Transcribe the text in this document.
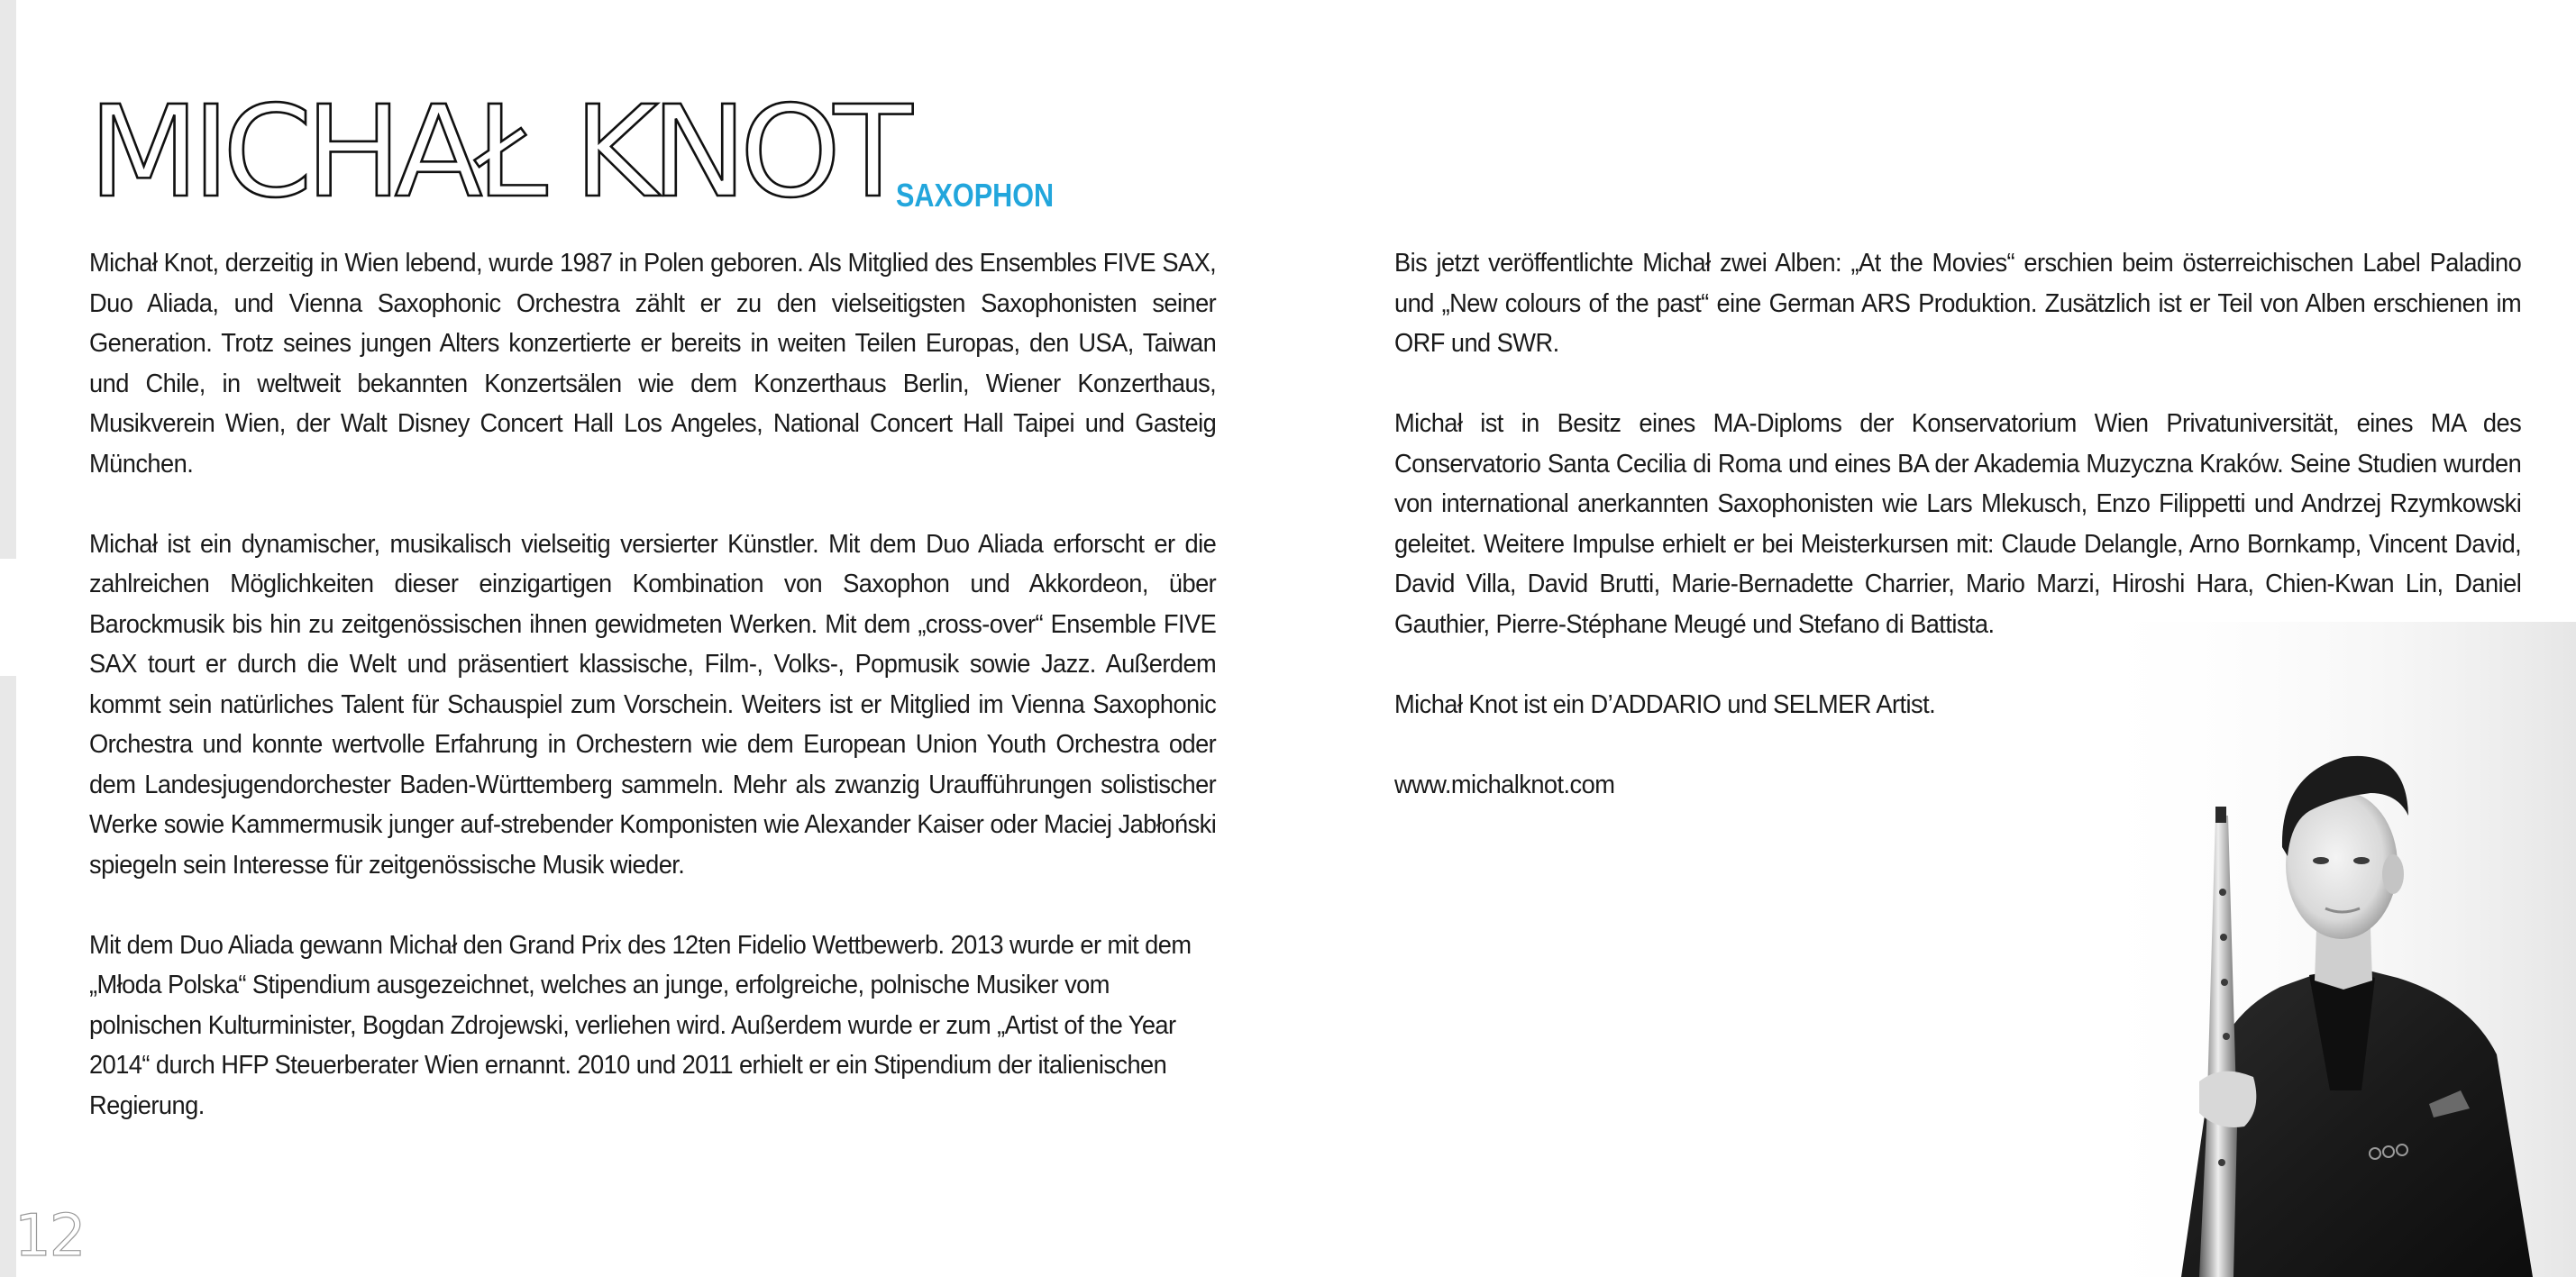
MICHAŁ KNOT
SAXOPHON

Michał Knot, derzeitig in Wien lebend, wurde 1987 in Polen geboren. Als Mitglied des Ensembles FIVE SAX, Duo Aliada, und Vienna Saxophonic Orchestra zählt er zu den vielseitigsten Saxophonisten seiner Generation. Trotz seines jungen Alters konzertierte er bereits in weiten Teilen Europas, den USA, Taiwan und Chile, in weltweit bekannten Konzertsälen wie dem Konzerthaus Berlin, Wiener Konzerthaus, Musikverein Wien, der Walt Disney Concert Hall Los Angeles, National Concert Hall Taipei und Gasteig München.

Michał ist ein dynamischer, musikalisch vielseitig versierter Künstler. Mit dem Duo Aliada erforscht er die zahlreichen Möglichkeiten dieser einzigartigen Kombination von Saxophon und Akkordeon, über Barockmusik bis hin zu zeitgenössischen ihnen gewidmeten Werken. Mit dem „cross-over“ Ensemble FIVE SAX tourt er durch die Welt und präsentiert klassische, Film-, Volks-, Popmusik sowie Jazz. Außerdem kommt sein natürliches Talent für Schauspiel zum Vorschein. Weiters ist er Mitglied im Vienna Saxophonic Orchestra und konnte wertvolle Erfahrung in Orchestern wie dem European Union Youth Orchestra oder dem Landesjugendorchester Baden-Württemberg sammeln. Mehr als zwanzig Uraufführungen solistischer Werke sowie Kammermusik junger auf-strebender Komponisten wie Alexander Kaiser oder Maciej Jabłoński spiegeln sein Interesse für zeitgenössische Musik wieder.

Mit dem Duo Aliada gewann Michał den Grand Prix des 12ten Fidelio Wettbewerb. 2013 wurde er mit dem „Młoda Polska“ Stipendium ausgezeichnet, welches an junge, erfolgreiche, polnische Musiker vom polnischen Kulturminister, Bogdan Zdrojewski, verliehen wird. Außerdem wurde er zum „Artist of the Year 2014“ durch HFP Steuerberater Wien ernannt. 2010 und 2011 erhielt er ein Stipendium der italienischen Regierung.

Bis jetzt veröffentlichte Michał zwei Alben: „At the Movies“ erschien beim österreichischen Label Paladino und „New colours of the past“ eine German ARS Produktion. Zusätzlich ist er Teil von Alben erschienen im ORF und SWR.

Michał ist in Besitz eines MA-Diploms der Konservatorium Wien Privatuniversität, eines MA des Conservatorio Santa Cecilia di Roma und eines BA der Akademia Muzyczna Kraków. Seine Studien wurden von international anerkannten Saxophonisten wie Lars Mlekusch, Enzo Filippetti und Andrzej Rzymkowski geleitet. Weitere Impulse erhielt er bei Meisterkursen mit: Claude Delangle, Arno Bornkamp, Vincent David, David Villa, David Brutti, Marie-Bernadette Charrier, Mario Marzi, Hiroshi Hara, Chien-Kwan Lin, Daniel Gauthier, Pierre-Stéphane Meugé und Stefano di Battista.

Michał Knot ist ein D’ADDARIO und SELMER Artist.

www.michalknot.com

12
